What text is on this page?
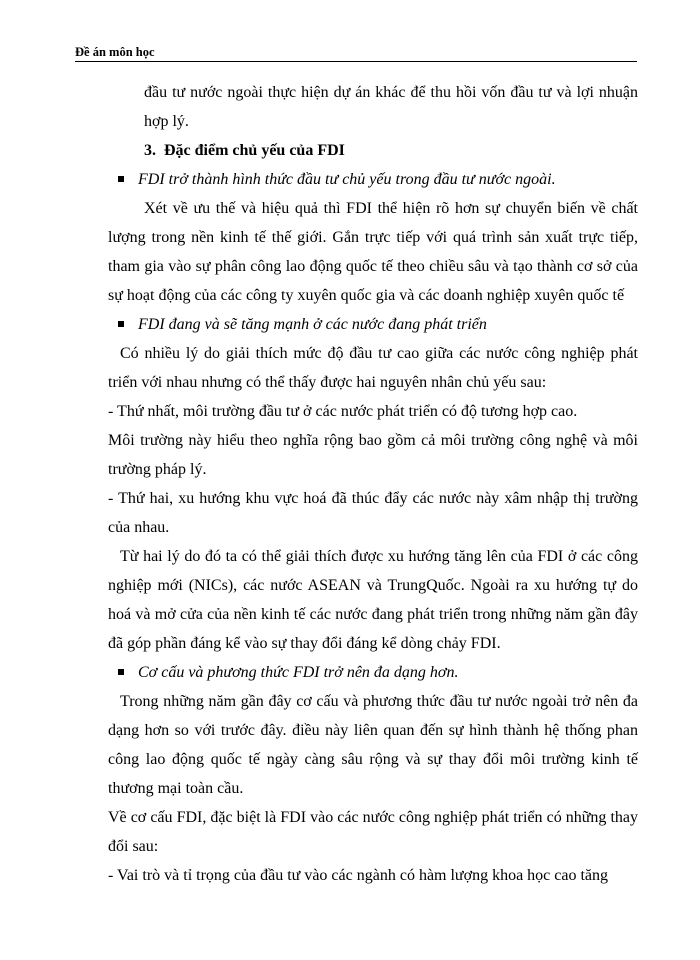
Đề án môn học

đầu tư nước ngoài thực hiện dự án khác để thu hồi vốn đầu tư và lợi nhuận hợp lý.

3. Đặc điểm chủ yếu của FDI

FDI trở thành hình thức đầu tư chủ yếu trong đầu tư nước ngoài.

Xét về ưu thế và hiệu quả thì FDI thể hiện rõ hơn sự chuyển biến về chất lượng trong nền kinh tế thế giới. Gắn trực tiếp với quá trình sản xuất trực tiếp, tham gia vào sự phân công lao động quốc tế theo chiều sâu và tạo thành cơ sở của sự hoạt động của các công ty xuyên quốc gia và các doanh nghiệp xuyên quốc tế

FDI đang và sẽ tăng mạnh ở các nước đang phát triển

Có nhiều lý do giải thích mức độ đầu tư cao giữa các nước công nghiệp phát triển với nhau nhưng có thể thấy được hai nguyên nhân chủ yếu sau:

- Thứ nhất, môi trường đầu tư ở các nước phát triển có độ tương hợp cao.

Môi trường này hiểu theo nghĩa rộng bao gồm cả môi trường công nghệ và môi trường pháp lý.

- Thứ hai, xu hướng khu vực hoá đã thúc đẩy các nước này xâm nhập thị trường của nhau.

Từ hai lý do đó ta có thể giải thích được xu hướng tăng lên của FDI ở các công nghiệp mới (NICs), các nước ASEAN và TrungQuốc. Ngoài ra xu hướng tự do hoá và mở cửa của nền kinh tế các nước đang phát triển trong những năm gần đây đã góp phần đáng kể vào sự thay đổi đáng kể dòng chảy FDI.

Cơ cấu và phương thức FDI trở nên đa dạng hơn.

Trong những năm gần đây cơ cấu và phương thức đầu tư nước ngoài trở nên đa dạng hơn so với trước đây. điều này liên quan đến sự hình thành hệ thống phan công lao động quốc tế ngày càng sâu rộng và sự thay đổi môi trường kinh tế thương mại toàn cầu.

Về cơ cấu FDI, đặc biệt là FDI vào các nước công nghiệp phát triển có những thay đổi sau:

- Vai trò và tỉ trọng của đầu tư vào các ngành có hàm lượng khoa học cao tăng
